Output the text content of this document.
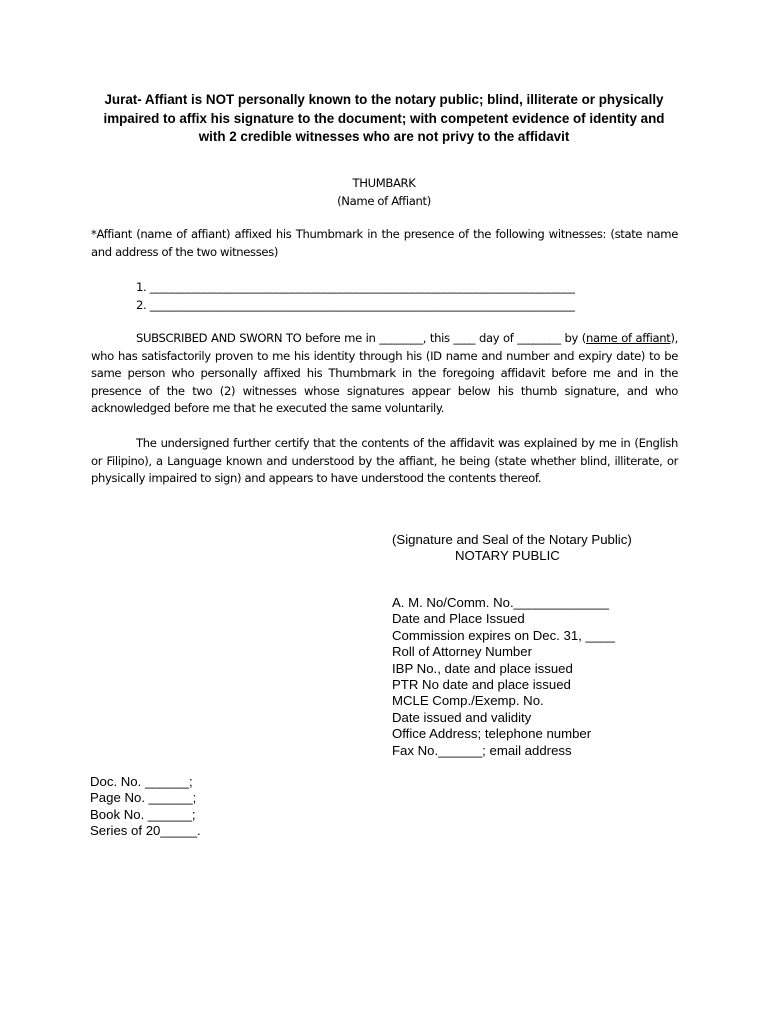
Jurat- Affiant is NOT personally known to the notary public; blind, illiterate or physically
impaired to affix his signature to the document; with competent evidence of identity and
with 2 credible witnesses who are not privy to the affidavit
THUMBARK
(Name of Affiant)

*Affiant (name of affiant) affixed his Thumbmark in the presence of the following witnesses: (state name and address of the two witnesses)

1. ______________________________________________________________________________
2. ______________________________________________________________________________

SUBSCRIBED AND SWORN TO before me in ________, this ____ day of ________ by (name of affiant), who has satisfactorily proven to me his identity through his (ID name and number and expiry date) to be same person who personally affixed his Thumbmark in the foregoing affidavit before me and in the presence of the two (2) witnesses whose signatures appear below his thumb signature, and who acknowledged before me that he executed the same voluntarily.

The undersigned further certify that the contents of the affidavit was explained by me in (English or Filipino), a Language known and understood by the affiant, he being (state whether blind, illiterate, or physically impaired to sign) and appears to have understood the contents thereof.

(Signature and Seal of the Notary Public)
NOTARY PUBLIC
A. M. No/Comm. No._____________
Date and Place Issued
Commission expires on Dec. 31, ____
Roll of Attorney Number
IBP No., date and place issued
PTR No date and place issued
MCLE Comp./Exemp. No.
Date issued and validity
Office Address; telephone number
Fax No.______; email address
Doc. No. ______;
Page No. ______;
Book No. ______;
Series of 20_____.
